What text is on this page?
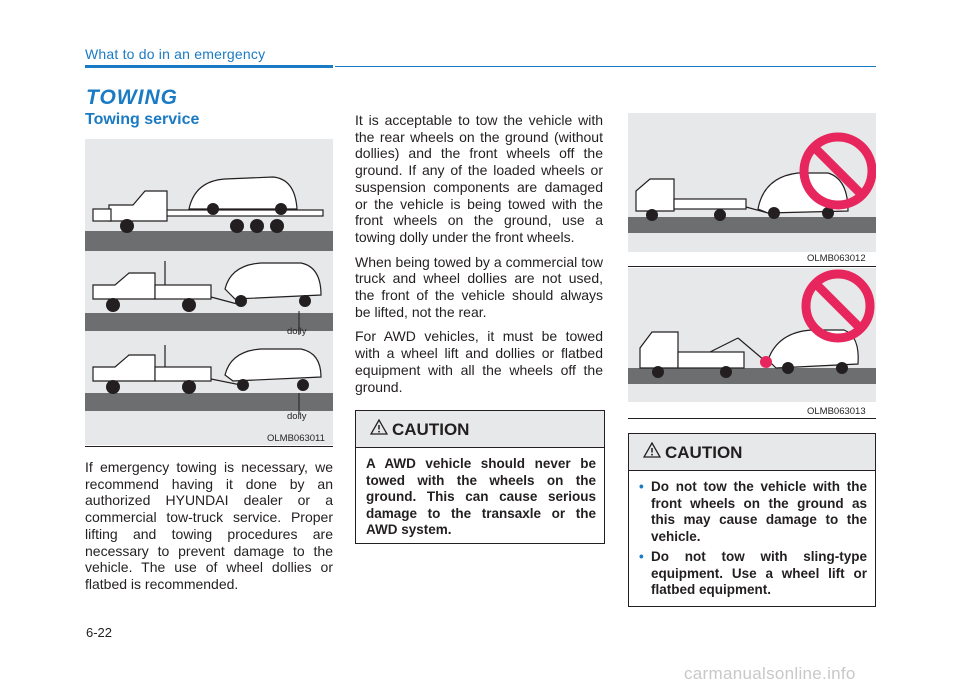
What to do in an emergency
TOWING
Towing service
dolly
dolly
OLMB063011
If emergency towing is necessary, we recommend having it done by an authorized HYUNDAI dealer or a commercial tow-truck service. Proper lifting and towing procedures are necessary to prevent damage to the vehicle. The use of wheel dollies or flatbed is recommended.

It is acceptable to tow the vehicle with the rear wheels on the ground (without dollies) and the front wheels off the ground. If any of the loaded wheels or suspension components are damaged or the vehicle is being towed with the front wheels on the ground, use a towing dolly under the front wheels.

When being towed by a commercial tow truck and wheel dollies are not used, the front of the vehicle should always be lifted, not the rear.

For AWD vehicles, it must be towed with a wheel lift and dollies or flatbed equipment with all the wheels off the ground.

CAUTION
A AWD vehicle should never be towed with the wheels on the ground. This can cause serious damage to the transaxle or the AWD system.
OLMB063012
OLMB063013
CAUTION
• Do not tow the vehicle with the front wheels on the ground as this may cause damage to the vehicle.
• Do not tow with sling-type equipment. Use a wheel lift or flatbed equipment.
6-22
carmanualsonline.info
